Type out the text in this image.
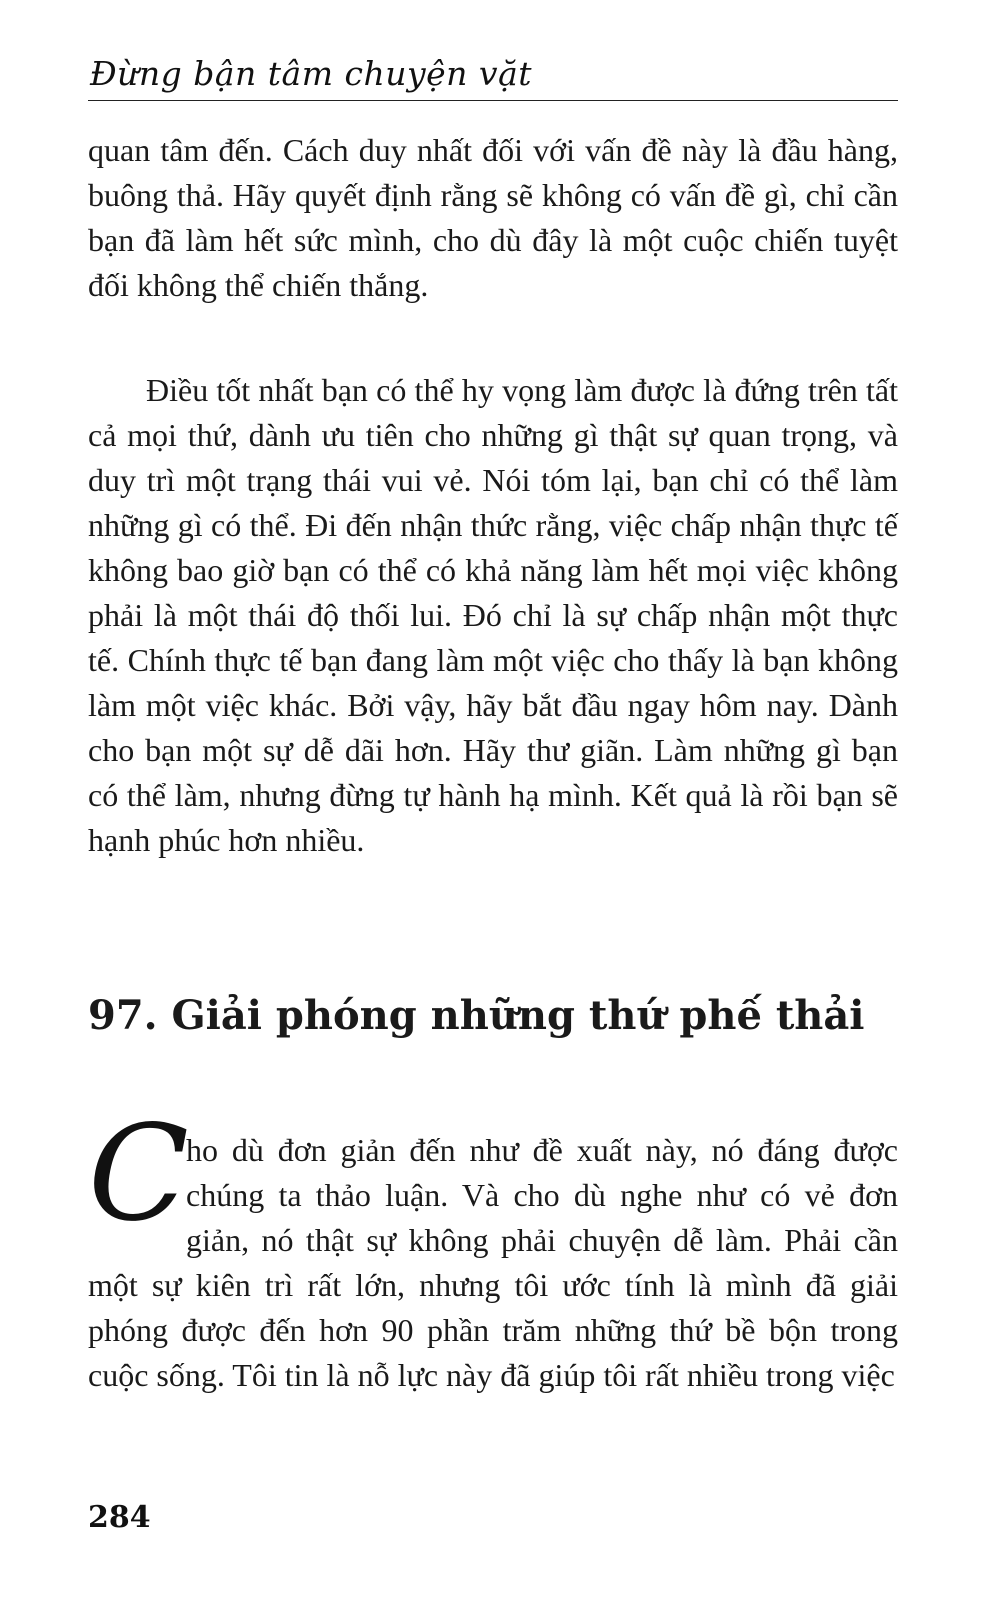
Đừng bận tâm chuyện vặt

quan tâm đến. Cách duy nhất đối với vấn đề này là đầu hàng, buông thả. Hãy quyết định rằng sẽ không có vấn đề gì, chỉ cần bạn đã làm hết sức mình, cho dù đây là một cuộc chiến tuyệt đối không thể chiến thắng.

Điều tốt nhất bạn có thể hy vọng làm được là đứng trên tất cả mọi thứ, dành ưu tiên cho những gì thật sự quan trọng, và duy trì một trạng thái vui vẻ. Nói tóm lại, bạn chỉ có thể làm những gì có thể. Đi đến nhận thức rằng, việc chấp nhận thực tế không bao giờ bạn có thể có khả năng làm hết mọi việc không phải là một thái độ thối lui. Đó chỉ là sự chấp nhận một thực tế. Chính thực tế bạn đang làm một việc cho thấy là bạn không làm một việc khác. Bởi vậy, hãy bắt đầu ngay hôm nay. Dành cho bạn một sự dễ dãi hơn. Hãy thư giãn. Làm những gì bạn có thể làm, nhưng đừng tự hành hạ mình. Kết quả là rồi bạn sẽ hạnh phúc hơn nhiều.

97. Giải phóng những thứ phế thải

C
ho dù đơn giản đến như đề xuất này, nó đáng được chúng ta thảo luận. Và cho dù nghe như có vẻ đơn giản, nó thật sự không phải chuyện dễ làm. Phải cần một sự kiên trì rất lớn, nhưng tôi ước tính là mình đã giải phóng được đến hơn 90 phần trăm những thứ bề bộn trong cuộc sống. Tôi tin là nỗ lực này đã giúp tôi rất nhiều trong việc

284
